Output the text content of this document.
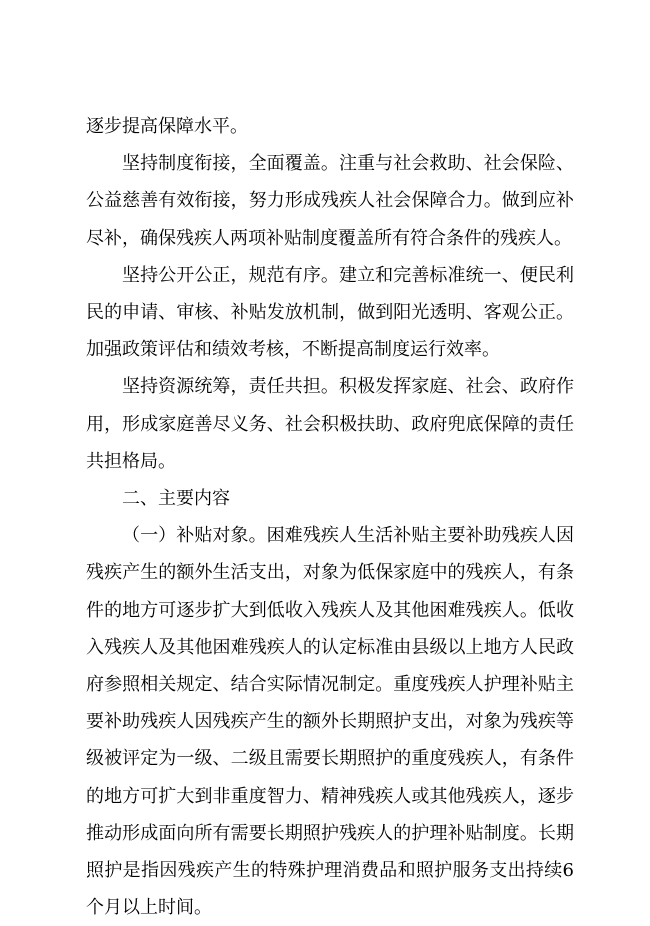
逐步提高保障水平。

坚持制度衔接，全面覆盖。注重与社会救助、社会保险、公益慈善有效衔接，努力形成残疾人社会保障合力。做到应补尽补，确保残疾人两项补贴制度覆盖所有符合条件的残疾人。

坚持公开公正，规范有序。建立和完善标准统一、便民利民的申请、审核、补贴发放机制，做到阳光透明、客观公正。加强政策评估和绩效考核，不断提高制度运行效率。

坚持资源统筹，责任共担。积极发挥家庭、社会、政府作用，形成家庭善尽义务、社会积极扶助、政府兜底保障的责任共担格局。

二、主要内容

（一）补贴对象。困难残疾人生活补贴主要补助残疾人因残疾产生的额外生活支出，对象为低保家庭中的残疾人，有条件的地方可逐步扩大到低收入残疾人及其他困难残疾人。低收入残疾人及其他困难残疾人的认定标准由县级以上地方人民政府参照相关规定、结合实际情况制定。重度残疾人护理补贴主要补助残疾人因残疾产生的额外长期照护支出，对象为残疾等级被评定为一级、二级且需要长期照护的重度残疾人，有条件的地方可扩大到非重度智力、精神残疾人或其他残疾人，逐步推动形成面向所有需要长期照护残疾人的护理补贴制度。长期照护是指因残疾产生的特殊护理消费品和照护服务支出持续6个月以上时间。
